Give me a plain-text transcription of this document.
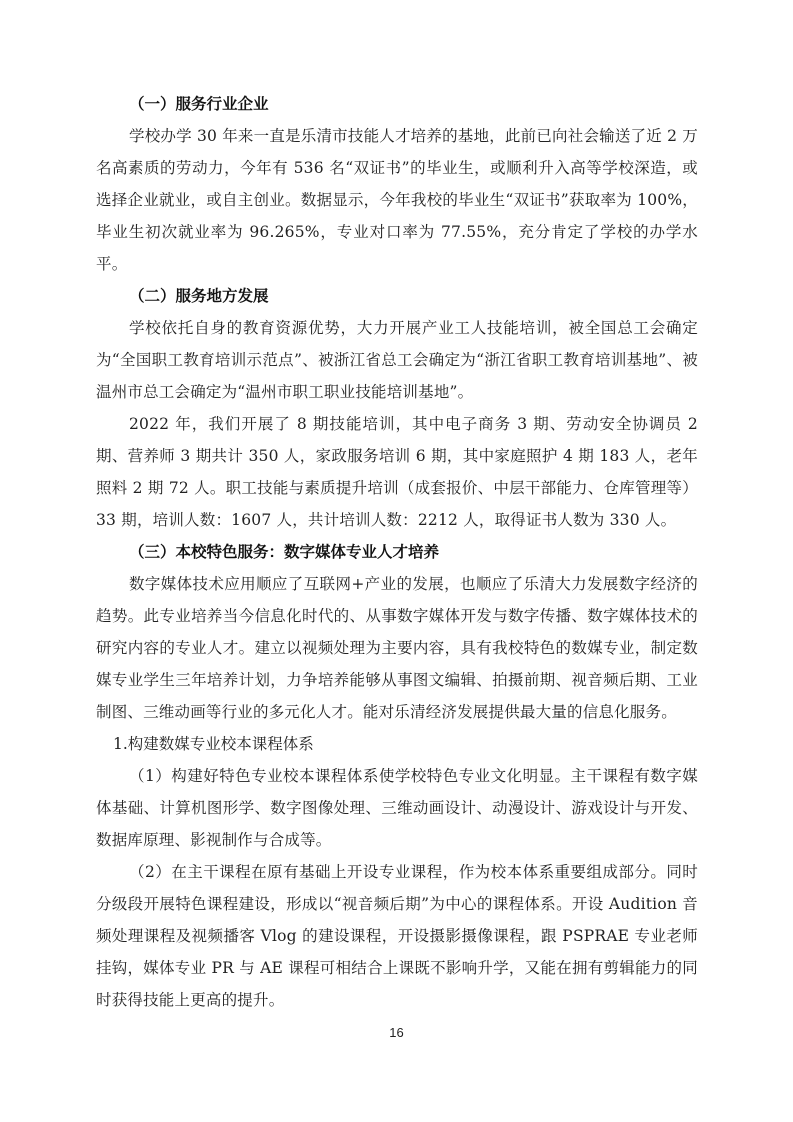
（一）服务行业企业

学校办学 30 年来一直是乐清市技能人才培养的基地，此前已向社会输送了近 2 万名高素质的劳动力，今年有 536 名“双证书”的毕业生，或顺利升入高等学校深造，或选择企业就业，或自主创业。数据显示，今年我校的毕业生“双证书”获取率为 100%，毕业生初次就业率为 96.265%，专业对口率为 77.55%，充分肯定了学校的办学水平。

（二）服务地方发展

学校依托自身的教育资源优势，大力开展产业工人技能培训，被全国总工会确定为“全国职工教育培训示范点”、被浙江省总工会确定为“浙江省职工教育培训基地”、被温州市总工会确定为“温州市职工职业技能培训基地”。

2022 年，我们开展了 8 期技能培训，其中电子商务 3 期、劳动安全协调员 2 期、营养师 3 期共计 350 人，家政服务培训 6 期，其中家庭照护 4 期 183 人，老年照料 2 期 72 人。职工技能与素质提升培训（成套报价、中层干部能力、仓库管理等）33 期，培训人数：1607 人，共计培训人数：2212 人，取得证书人数为 330 人。

（三）本校特色服务：数字媒体专业人才培养

数字媒体技术应用顺应了互联网+产业的发展，也顺应了乐清大力发展数字经济的趋势。此专业培养当今信息化时代的、从事数字媒体开发与数字传播、数字媒体技术的研究内容的专业人才。建立以视频处理为主要内容，具有我校特色的数媒专业，制定数媒专业学生三年培养计划，力争培养能够从事图文编辑、拍摄前期、视音频后期、工业制图、三维动画等行业的多元化人才。能对乐清经济发展提供最大量的信息化服务。

1.构建数媒专业校本课程体系

（1）构建好特色专业校本课程体系使学校特色专业文化明显。主干课程有数字媒体基础、计算机图形学、数字图像处理、三维动画设计、动漫设计、游戏设计与开发、数据库原理、影视制作与合成等。

（2）在主干课程在原有基础上开设专业课程，作为校本体系重要组成部分。同时分级段开展特色课程建设，形成以“视音频后期”为中心的课程体系。开设 Audition 音频处理课程及视频播客 Vlog 的建设课程，开设摄影摄像课程，跟 PSPRAE 专业老师挂钩，媒体专业 PR 与 AE 课程可相结合上课既不影响升学，又能在拥有剪辑能力的同时获得技能上更高的提升。

16
